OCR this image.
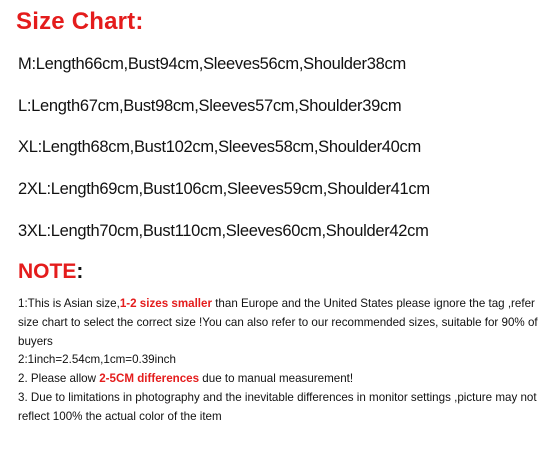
Size Chart:
M:Length66cm,Bust94cm,Sleeves56cm,Shoulder38cm
L:Length67cm,Bust98cm,Sleeves57cm,Shoulder39cm
XL:Length68cm,Bust102cm,Sleeves58cm,Shoulder40cm
2XL:Length69cm,Bust106cm,Sleeves59cm,Shoulder41cm
3XL:Length70cm,Bust110cm,Sleeves60cm,Shoulder42cm
NOTE:

1:This is Asian size,1-2 sizes smaller than Europe and the United States please ignore the tag ,refer size chart to select the correct size !You can also refer to our recommended sizes, suitable for 90% of buyers

2:1inch=2.54cm,1cm=0.39inch

2. Please allow 2-5CM differences due to manual measurement!

3. Due to limitations in photography and the inevitable differences in monitor settings ,picture may not reflect 100% the actual color of the item
